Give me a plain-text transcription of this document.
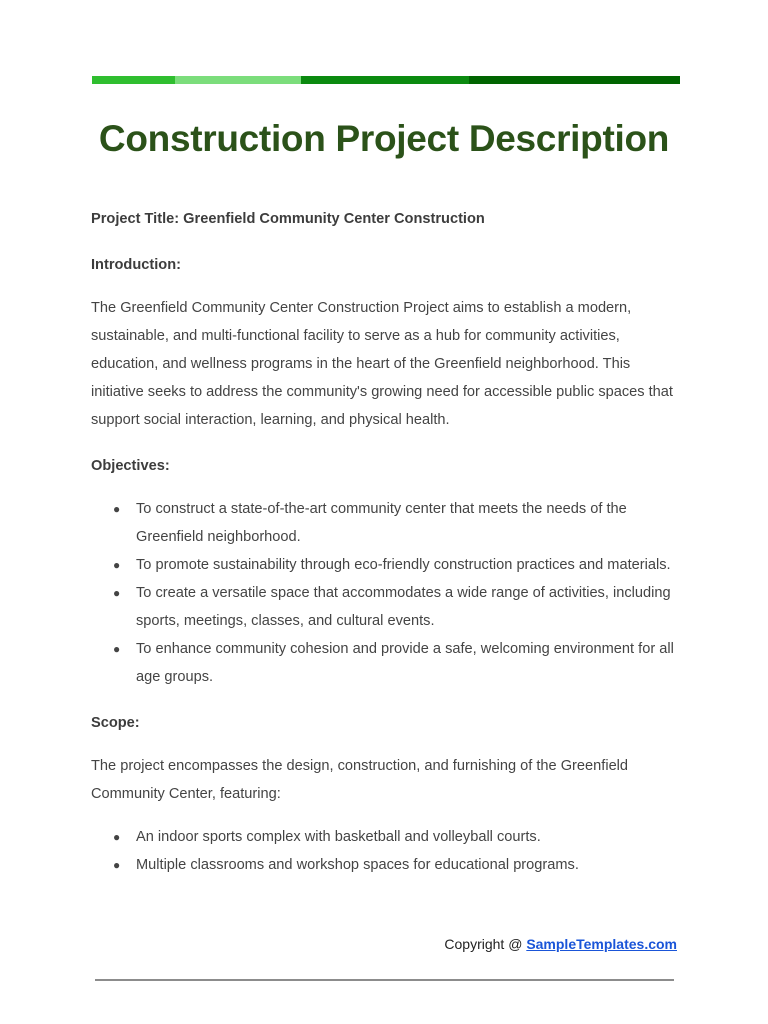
Construction Project Description

Project Title: Greenfield Community Center Construction

Introduction:

The Greenfield Community Center Construction Project aims to establish a modern, sustainable, and multi-functional facility to serve as a hub for community activities, education, and wellness programs in the heart of the Greenfield neighborhood. This initiative seeks to address the community's growing need for accessible public spaces that support social interaction, learning, and physical health.

Objectives:

● To construct a state-of-the-art community center that meets the needs of the Greenfield neighborhood.
● To promote sustainability through eco-friendly construction practices and materials.
● To create a versatile space that accommodates a wide range of activities, including sports, meetings, classes, and cultural events.
● To enhance community cohesion and provide a safe, welcoming environment for all age groups.

Scope:

The project encompasses the design, construction, and furnishing of the Greenfield Community Center, featuring:

● An indoor sports complex with basketball and volleyball courts.
● Multiple classrooms and workshop spaces for educational programs.
Copyright @ SampleTemplates.com
